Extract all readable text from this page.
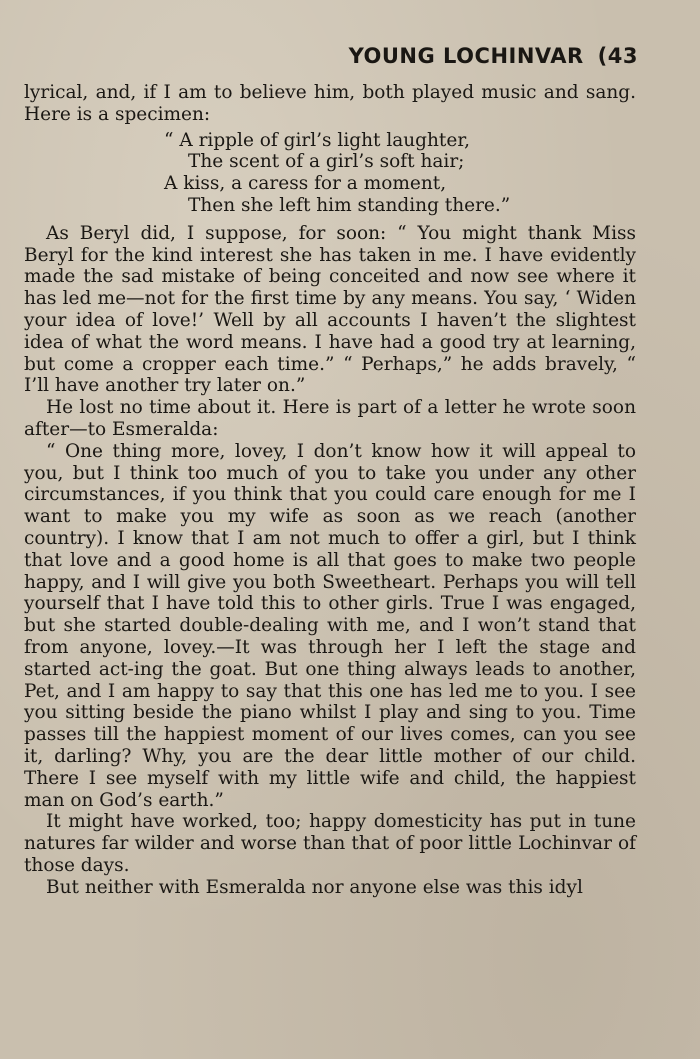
YOUNG LOCHINVAR (43

lyrical, and, if I am to believe him, both played music and sang. Here is a specimen:

“ A ripple of girl’s light laughter,
The scent of a girl’s soft hair;
A kiss, a caress for a moment,
Then she left him standing there.”

As Beryl did, I suppose, for soon: “ You might thank Miss Beryl for the kind interest she has taken in me. I have evidently made the sad mistake of being conceited and now see where it has led me—not for the first time by any means. You say, ‘ Widen your idea of love!’ Well by all accounts I haven’t the slightest idea of what the word means. I have had a good try at learning, but come a cropper each time.” “ Perhaps,” he adds bravely, “ I’ll have another try later on.”

He lost no time about it. Here is part of a letter he wrote soon after—to Esmeralda:

“ One thing more, lovey, I don’t know how it will appeal to you, but I think too much of you to take you under any other circumstances, if you think that you could care enough for me I want to make you my wife as soon as we reach (another country). I know that I am not much to offer a girl, but I think that love and a good home is all that goes to make two people happy, and I will give you both Sweetheart. Perhaps you will tell yourself that I have told this to other girls. True I was engaged, but she started double-dealing with me, and I won’t stand that from anyone, lovey.—It was through her I left the stage and started act-ing the goat. But one thing always leads to another, Pet, and I am happy to say that this one has led me to you. I see you sitting beside the piano whilst I play and sing to you. Time passes till the happiest moment of our lives comes, can you see it, darling? Why, you are the dear little mother of our child. There I see myself with my little wife and child, the happiest man on God’s earth.”

It might have worked, too; happy domesticity has put in tune natures far wilder and worse than that of poor little Lochinvar of those days.

But neither with Esmeralda nor anyone else was this idyl
